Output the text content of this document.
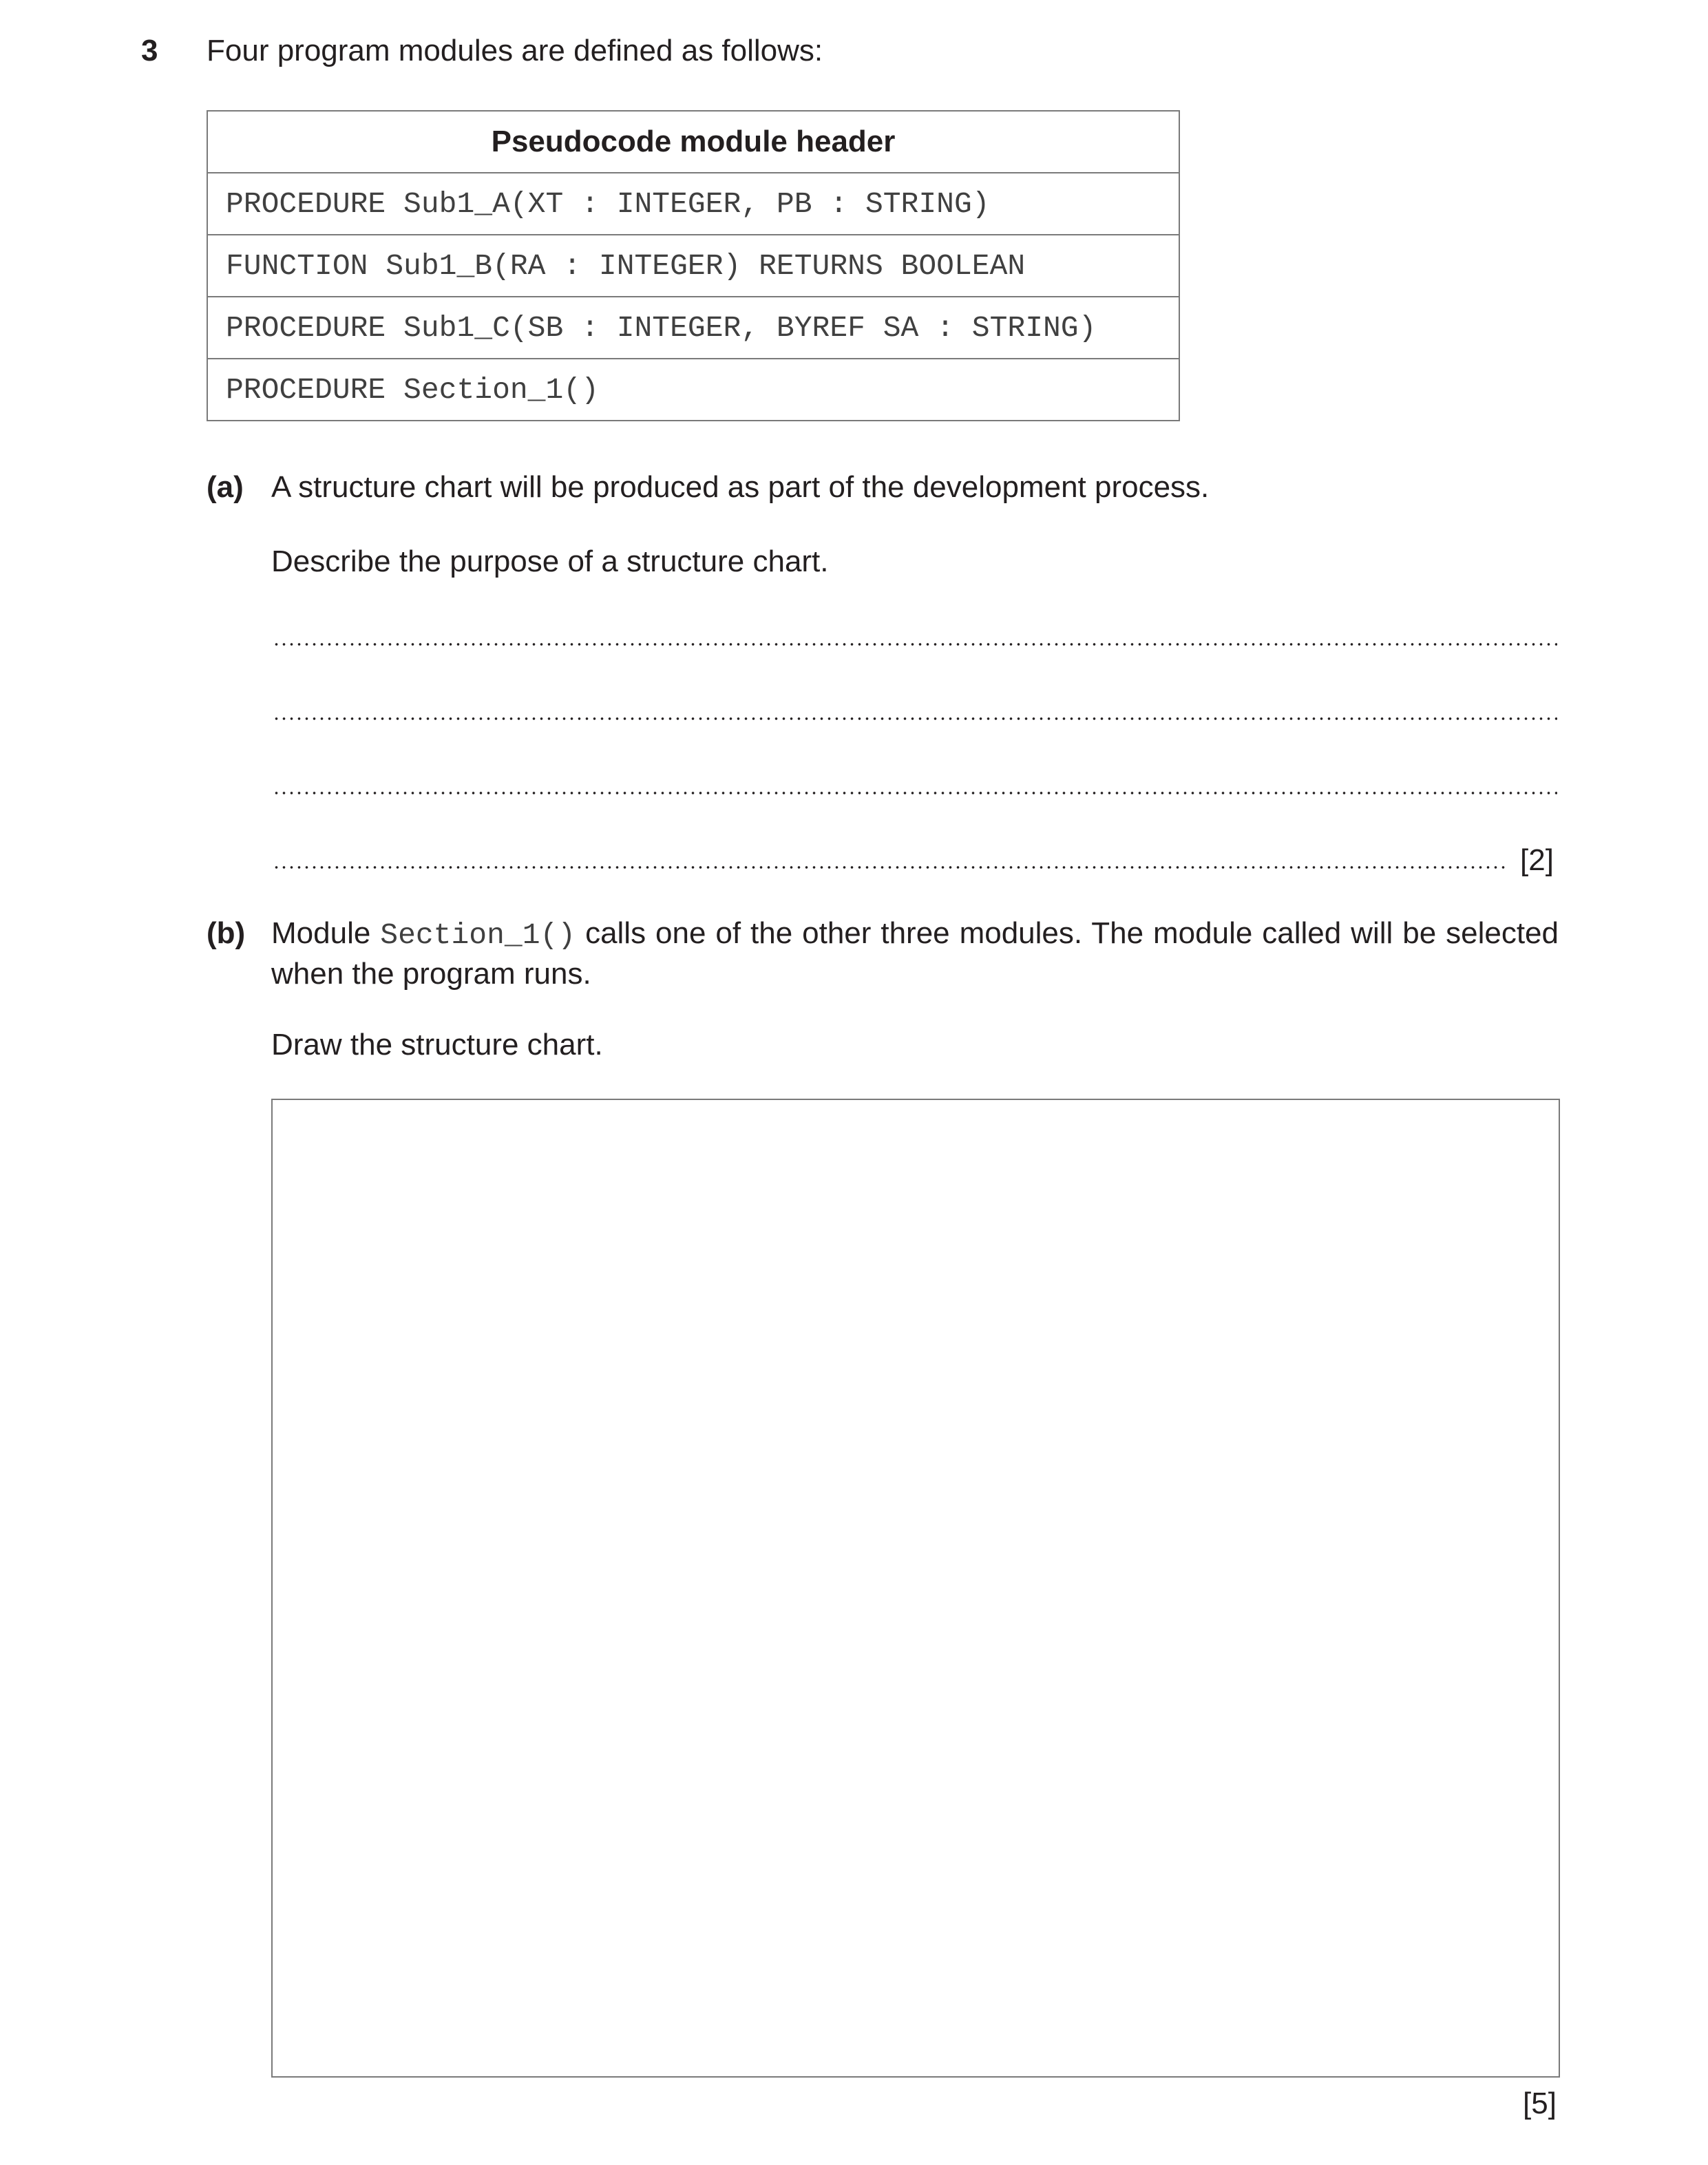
3 Four program modules are defined as follows:
Pseudocode module header
PROCEDURE Sub1_A(XT : INTEGER, PB : STRING)
FUNCTION Sub1_B(RA : INTEGER) RETURNS BOOLEAN
PROCEDURE Sub1_C(SB : INTEGER, BYREF SA : STRING)
PROCEDURE Section_1()
(a) A structure chart will be produced as part of the development process.
Describe the purpose of a structure chart.
[2]
(b) Module Section_1() calls one of the other three modules. The module called will be selected when the program runs.
Draw the structure chart.
[5]
